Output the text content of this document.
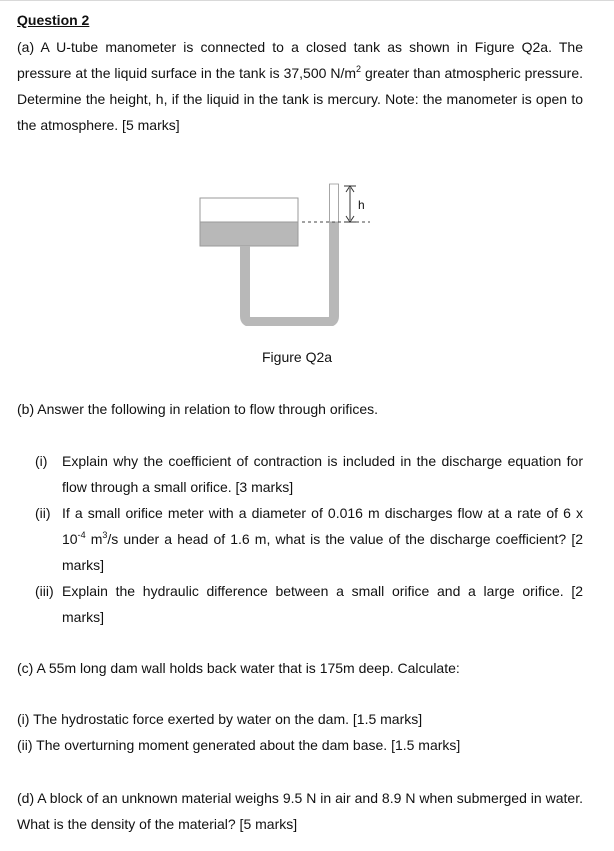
Question 2
(a) A U-tube manometer is connected to a closed tank as shown in Figure Q2a. The pressure at the liquid surface in the tank is 37,500 $N/m^2$ greater than atmospheric pressure. Determine the height, h, if the liquid in the tank is mercury. Note: the manometer is open to the atmosphere. [5 marks]
h
Figure Q2a
(b) Answer the following in relation to flow through orifices.
(i) Explain why the coefficient of contraction is included in the discharge equation for flow through a small orifice. [3 marks]
(ii) If a small orifice meter with a diameter of 0.016 m discharges flow at a rate of 6 x $10^{-4}$ $m^3/s$ under a head of 1.6 m, what is the value of the discharge coefficient? [2 marks]
(iii) Explain the hydraulic difference between a small orifice and a large orifice. [2 marks]
(c) A 55m long dam wall holds back water that is 175m deep. Calculate:
(i) The hydrostatic force exerted by water on the dam. [1.5 marks]
(ii) The overturning moment generated about the dam base. [1.5 marks]
(d) A block of an unknown material weighs 9.5 N in air and 8.9 N when submerged in water. What is the density of the material? [5 marks]
